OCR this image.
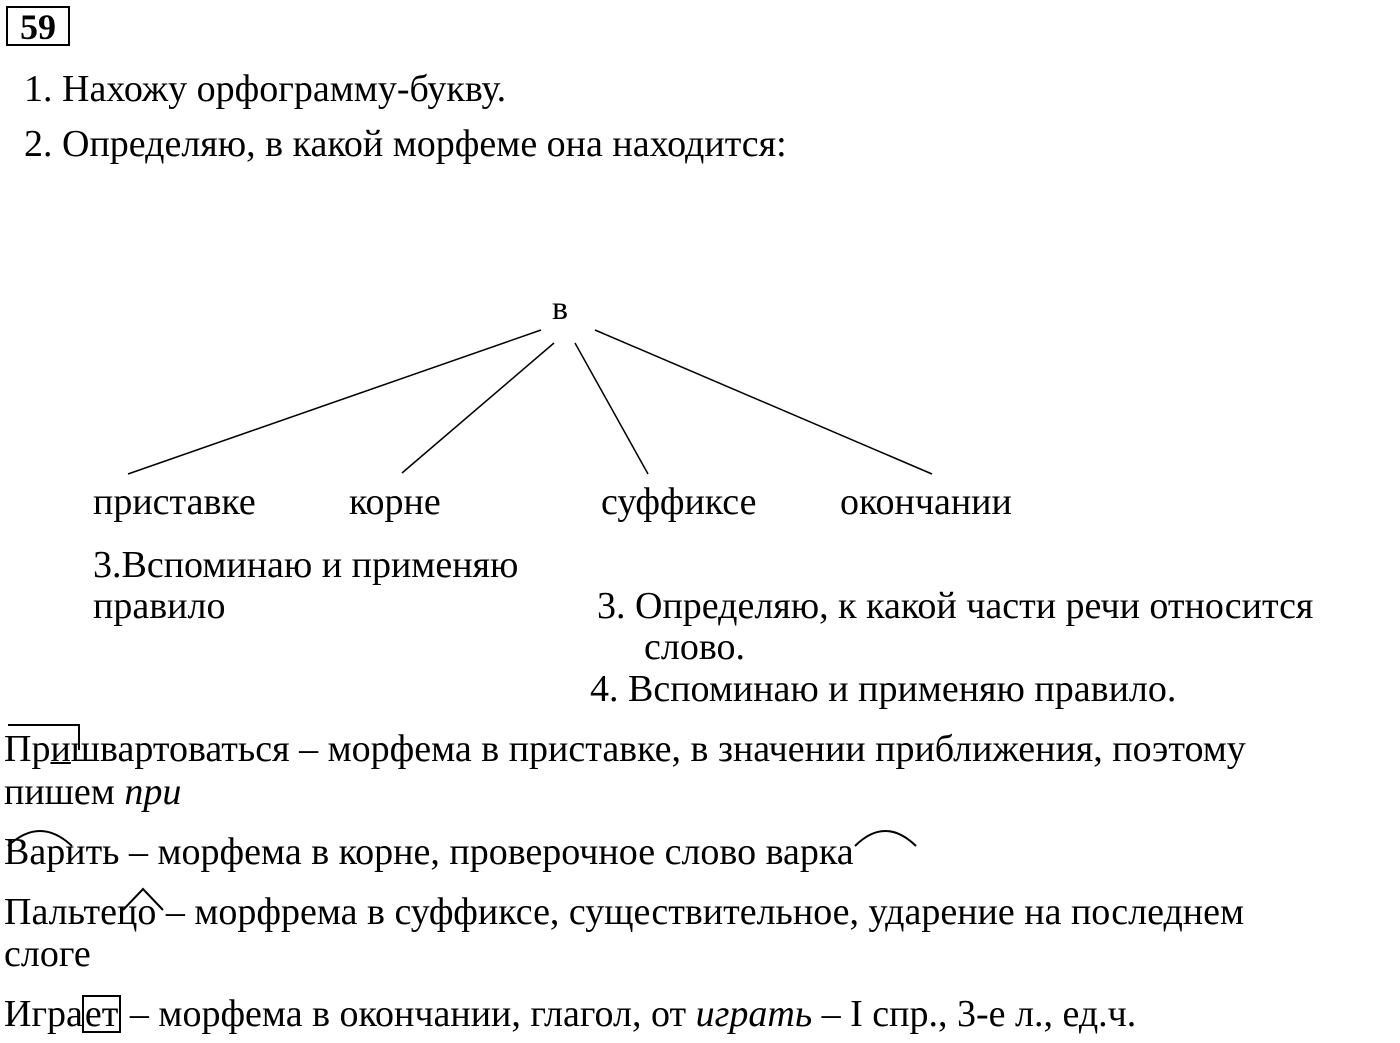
59
1. Нахожу орфограмму-букву.
2. Определяю, в какой морфеме она находится:
в
приставке корне	суффиксе окончании
3.Вспоминаю и применяю
правило	3. Определяю, к какой части речи относится
слово.
4. Вспоминаю и применяю правило.
Пришвартоваться – морфема в приставке, в значении приближения, поэтому
пишем при
Варить – морфема в корне, проверочное слово варка
Пальтецо – морфрема в суффиксе, существительное, ударение на последнем
слоге
Играет – морфема в окончании, глагол, от играть – I спр., 3-е л., ед.ч.
